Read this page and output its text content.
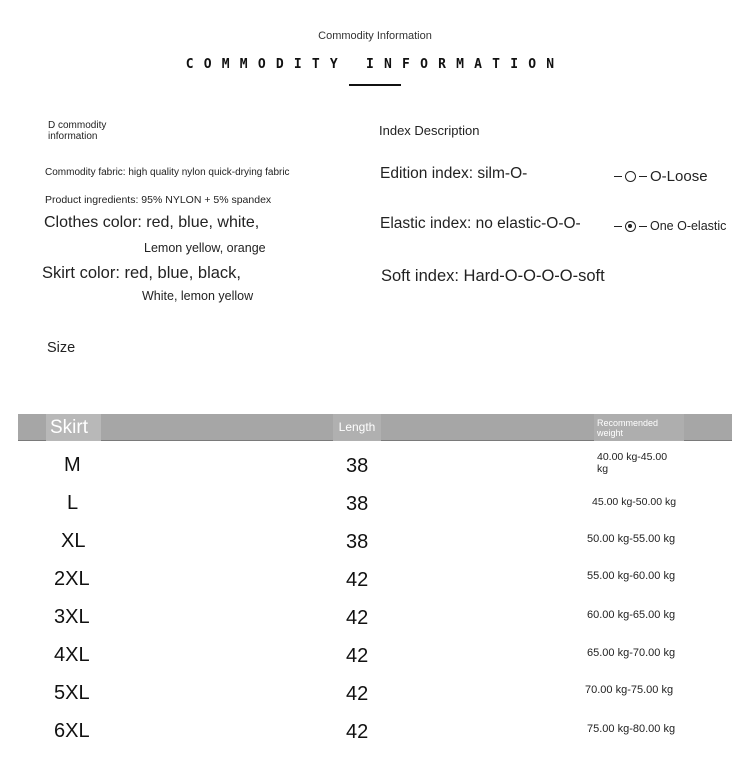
Commodity Information
COMMODITY INFORMATION
D commodity
information
Commodity fabric: high quality nylon quick-drying fabric
Product ingredients: 95% NYLON + 5% spandex
Clothes color: red, blue, white,
Lemon yellow, orange
Skirt color: red, blue, black,
White, lemon yellow
Index Description
Edition index: silm-O-	O-Loose
Elastic index: no elastic-O-O-	One O-elastic
Soft index: Hard-O-O-O-O-soft
Size
Skirt	Length	Recommended weight
M	38	40.00 kg-45.00 kg
L	38	45.00 kg-50.00 kg
XL	38	50.00 kg-55.00 kg
2XL	42	55.00 kg-60.00 kg
3XL	42	60.00 kg-65.00 kg
4XL	42	65.00 kg-70.00 kg
5XL	42	70.00 kg-75.00 kg
6XL	42	75.00 kg-80.00 kg
